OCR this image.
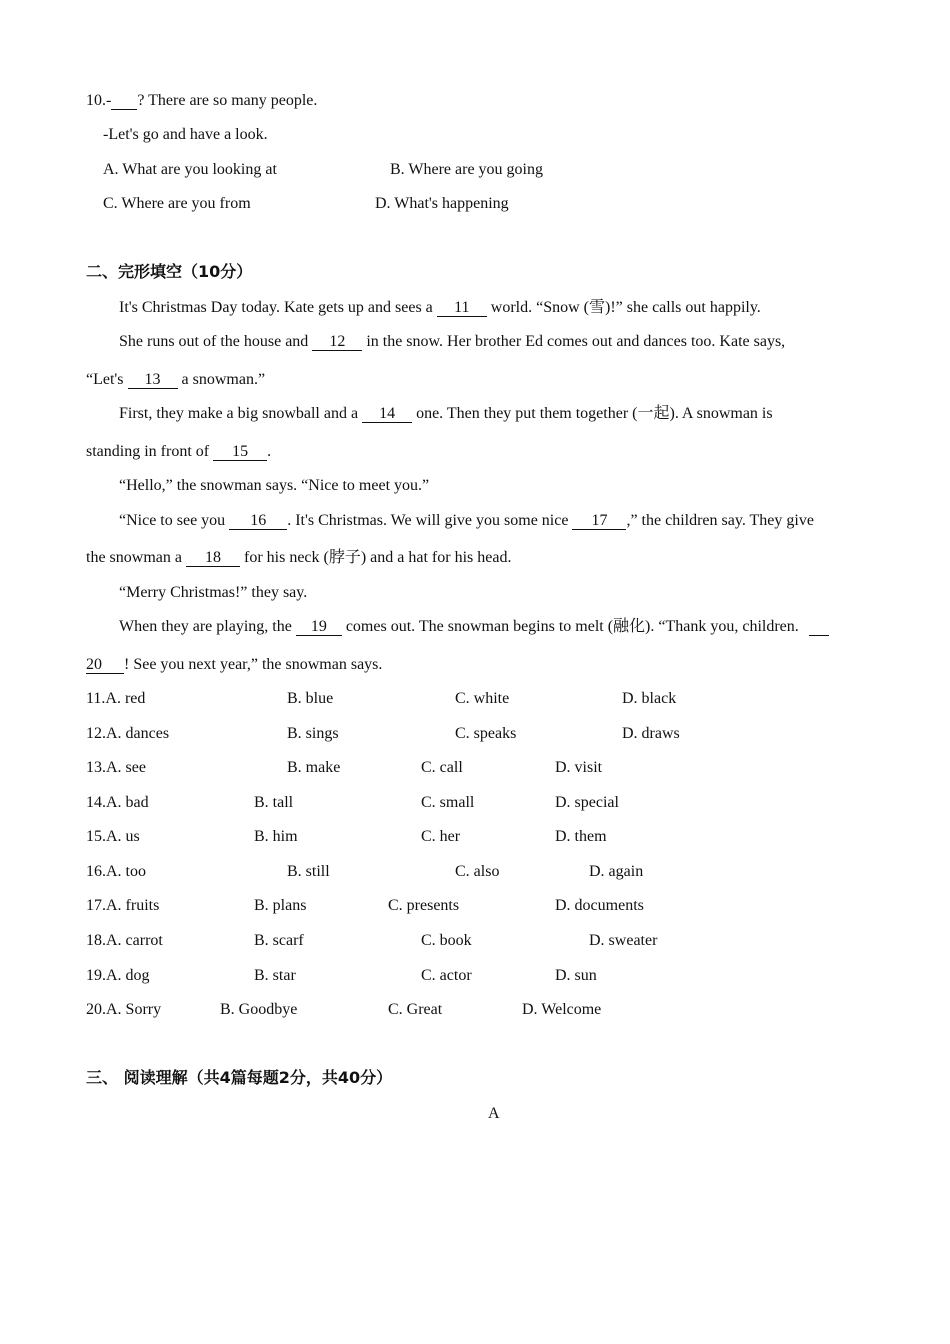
10.- ? There are so many people.
-Let's go and have a look.
A. What are you looking at	B. Where are you going
C. Where are you from	D. What's happening
二、完形填空（10分）
It's Christmas Day today. Kate gets up and sees a 11 world. “Snow (雪)!” she calls out happily.
She runs out of the house and 12 in the snow. Her brother Ed comes out and dances too. Kate says,
“Let's 13 a snowman.”
First, they make a big snowball and a 14 one. Then they put them together (一起). A snowman is
standing in front of 15 .
“Hello,” the snowman says. “Nice to meet you.”
“Nice to see you 16 . It's Christmas. We will give you some nice 17 ,” the children say. They give
the snowman a 18 for his neck (脖子) and a hat for his head.
“Merry Christmas!” they say.
When they are playing, the 19 comes out. The snowman begins to melt (融化). “Thank you, children.
20 ! See you next year,” the snowman says.
11.A. red	B. blue	C. white	D. black
12.A. dances	B. sings	C. speaks	D. draws
13.A. see	B. make	C. call	D. visit
14.A. bad	B. tall	C. small	D. special
15.A. us	B. him	C. her	D. them
16.A. too	B. still	C. also	D. again
17.A. fruits	B. plans	C. presents	D. documents
18.A. carrot	B. scarf	C. book	D. sweater
19.A. dog	B. star	C. actor	D. sun
20.A. Sorry	B. Goodbye	C. Great	D. Welcome
三、 阅读理解（共4篇每题2分，共40分）
A
